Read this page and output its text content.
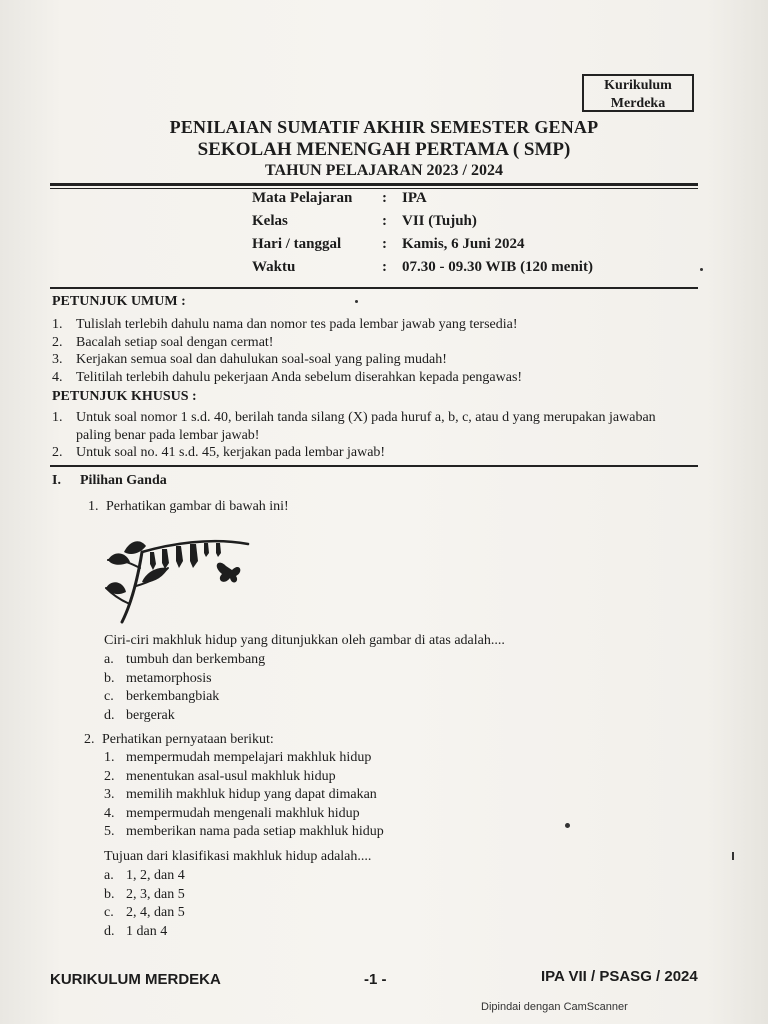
Kurikulum
Merdeka
PENILAIAN SUMATIF AKHIR SEMESTER GENAP
SEKOLAH MENENGAH PERTAMA ( SMP)
TAHUN PELAJARAN 2023 / 2024
Mata Pelajaran : IPA
Kelas	: VII (Tujuh)
Hari / tanggal	: Kamis, 6 Juni 2024
Waktu	: 07.30 - 09.30 WIB (120 menit)
PETUNJUK UMUM :
1. Tulislah terlebih dahulu nama dan nomor tes pada lembar jawab yang tersedia!
2. Bacalah setiap soal dengan cermat!
3. Kerjakan semua soal dan dahulukan soal-soal yang paling mudah!
4. Telitilah terlebih dahulu pekerjaan Anda sebelum diserahkan kepada pengawas!
PETUNJUK KHUSUS :
1. Untuk soal nomor 1 s.d. 40, berilah tanda silang (X) pada huruf a, b, c, atau d yang merupakan jawaban
paling benar pada lembar jawab!
2. Untuk soal no. 41 s.d. 45, kerjakan pada lembar jawab!
I. Pilihan Ganda
1. Perhatikan gambar di bawah ini!
Ciri-ciri makhluk hidup yang ditunjukkan oleh gambar di atas adalah....
a. tumbuh dan berkembang
b. metamorphosis
c. berkembangbiak
d. bergerak
2. Perhatikan pernyataan berikut:
1. mempermudah mempelajari makhluk hidup
2. menentukan asal-usul makhluk hidup
3. memilih makhluk hidup yang dapat dimakan
4. mempermudah mengenali makhluk hidup
5. memberikan nama pada setiap makhluk hidup
Tujuan dari klasifikasi makhluk hidup adalah....
a. 1, 2, dan 4
b. 2, 3, dan 5
c. 2, 4, dan 5
d. 1 dan 4
KURIKULUM MERDEKA	-1 -	IPA VII / PSASG / 2024
Dipindai dengan CamScanner
